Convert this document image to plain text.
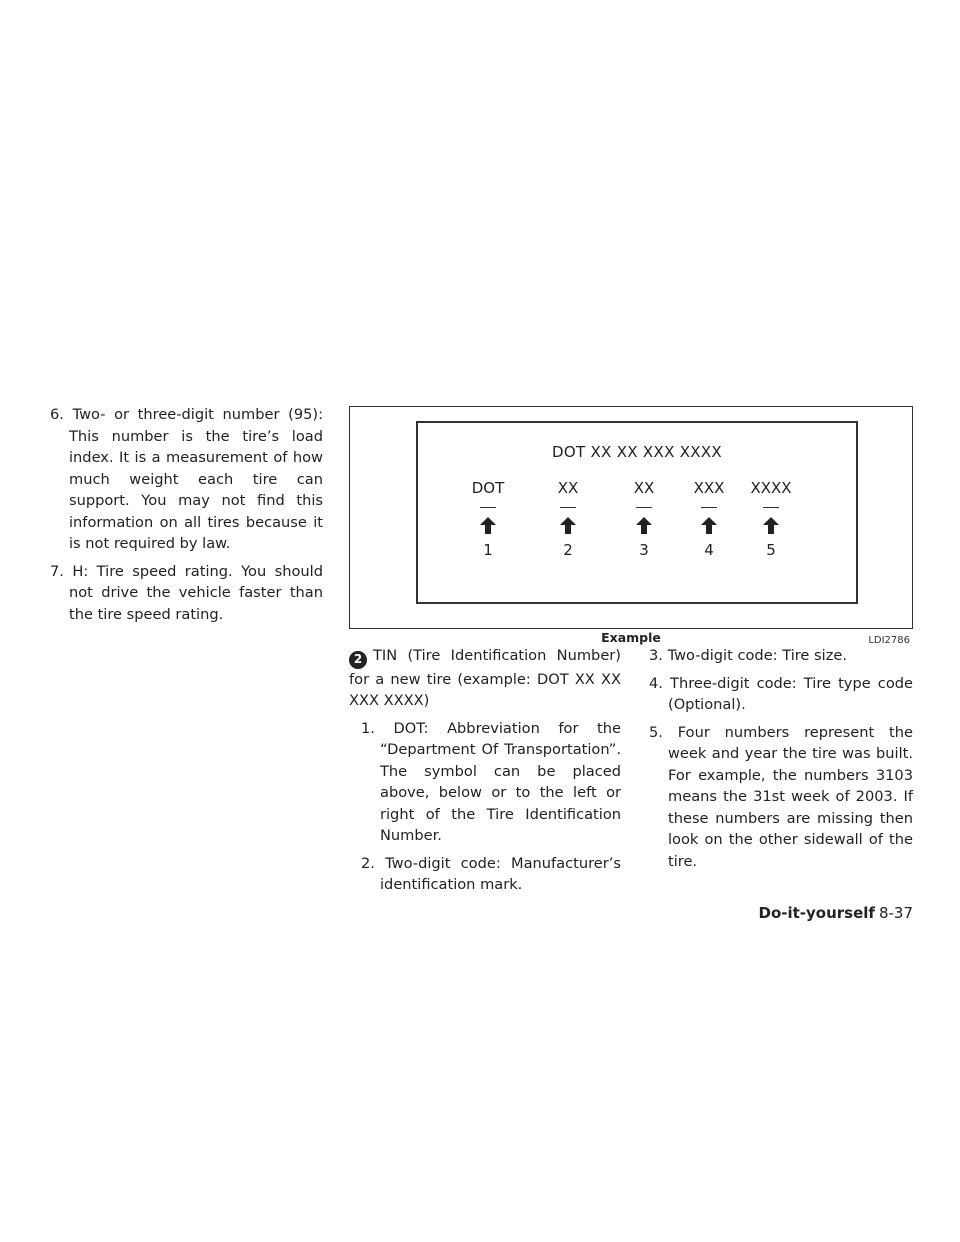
6. Two- or three-digit number (95): This number is the tire’s load index. It is a measurement of how much weight each tire can support. You may not find this information on all tires because it is not required by law.
7. H: Tire speed rating. You should not drive the vehicle faster than the tire speed rating.
DOT XX XX XXX XXXX
DOT
1
XX
2
XX
3
XXX
4
XXXX
5
LDI2786
Example
2 TIN (Tire Identification Number) for a new tire (example: DOT XX XX XXX XXXX)
1. DOT: Abbreviation for the “Department Of Transportation”. The symbol can be placed above, below or to the left or right of the Tire Identification Number.
2. Two-digit code: Manufacturer’s identification mark.
3. Two-digit code: Tire size.
4. Three-digit code: Tire type code (Optional).
5. Four numbers represent the week and year the tire was built. For example, the numbers 3103 means the 31st week of 2003. If these numbers are missing then look on the other sidewall of the tire.
Do-it-yourself 8-37
